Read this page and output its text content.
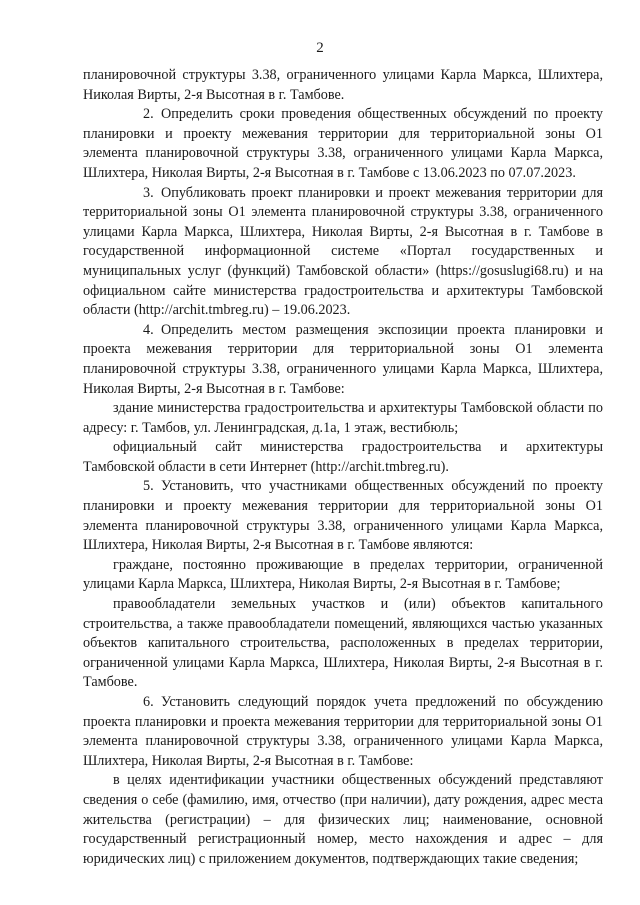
2

планировочной структуры 3.38, ограниченного улицами Карла Маркса, Шлихтера, Николая Вирты, 2-я Высотная в г. Тамбове.

2. Определить сроки проведения общественных обсуждений по проекту планировки и проекту межевания территории для территориальной зоны О1 элемента планировочной структуры 3.38, ограниченного улицами Карла Маркса, Шлихтера, Николая Вирты, 2-я Высотная в г. Тамбове с 13.06.2023 по 07.07.2023.

3. Опубликовать проект планировки и проект межевания территории для территориальной зоны О1 элемента планировочной структуры 3.38, ограниченного улицами Карла Маркса, Шлихтера, Николая Вирты, 2-я Высотная в г. Тамбове в государственной информационной системе «Портал государственных и муниципальных услуг (функций) Тамбовской области» (https://gosuslugi68.ru) и на официальном сайте министерства градостроительства и архитектуры Тамбовской области (http://archit.tmbreg.ru) – 19.06.2023.

4. Определить местом размещения экспозиции проекта планировки и проекта межевания территории для территориальной зоны О1 элемента планировочной структуры 3.38, ограниченного улицами Карла Маркса, Шлихтера, Николая Вирты, 2-я Высотная в г. Тамбове:

здание министерства градостроительства и архитектуры Тамбовской области по адресу: г. Тамбов, ул. Ленинградская, д.1а, 1 этаж, вестибюль;

официальный сайт министерства градостроительства и архитектуры Тамбовской области в сети Интернет (http://archit.tmbreg.ru).

5. Установить, что участниками общественных обсуждений по проекту планировки и проекту межевания территории для территориальной зоны О1 элемента планировочной структуры 3.38, ограниченного улицами Карла Маркса, Шлихтера, Николая Вирты, 2-я Высотная в г. Тамбове являются:

граждане, постоянно проживающие в пределах территории, ограниченной улицами Карла Маркса, Шлихтера, Николая Вирты, 2-я Высотная в г. Тамбове;

правообладатели земельных участков и (или) объектов капитального строительства, а также правообладатели помещений, являющихся частью указанных объектов капитального строительства, расположенных в пределах территории, ограниченной улицами Карла Маркса, Шлихтера, Николая Вирты, 2-я Высотная в г. Тамбове.

6. Установить следующий порядок учета предложений по обсуждению проекта планировки и проекта межевания территории для территориальной зоны О1 элемента планировочной структуры 3.38, ограниченного улицами Карла Маркса, Шлихтера, Николая Вирты, 2-я Высотная в г. Тамбове:

в целях идентификации участники общественных обсуждений представляют сведения о себе (фамилию, имя, отчество (при наличии), дату рождения, адрес места жительства (регистрации) – для физических лиц; наименование, основной государственный регистрационный номер, место нахождения и адрес – для юридических лиц) с приложением документов, подтверждающих такие сведения;
